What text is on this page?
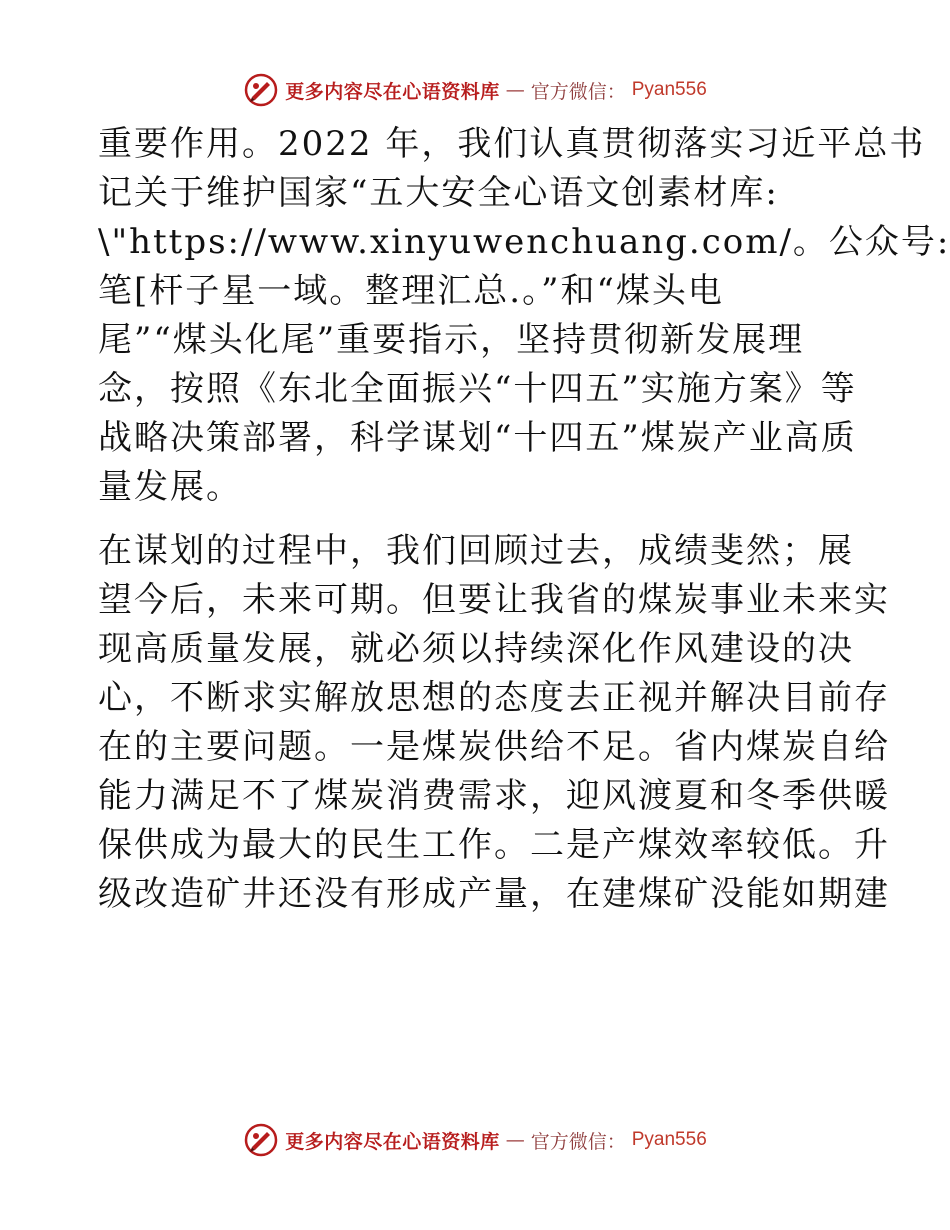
更多内容尽在心语资料库 — 官方微信： Pyan556

重要作用。2022 年，我们认真贯彻落实习近平总书
记关于维护国家“五大安全心语文创素材库:
\"https://www.xinyuwenchuang.com/。公众号:
笔[杆子星一域。整理汇总.。”和“煤头电
尾”“煤头化尾”重要指示，坚持贯彻新发展理
念，按照《东北全面振兴“十四五”实施方案》等
战略决策部署，科学谋划“十四五”煤炭产业高质
量发展。

在谋划的过程中，我们回顾过去，成绩斐然；展
望今后，未来可期。但要让我省的煤炭事业未来实
现高质量发展，就必须以持续深化作风建设的决
心，不断求实解放思想的态度去正视并解决目前存
在的主要问题。一是煤炭供给不足。省内煤炭自给
能力满足不了煤炭消费需求，迎风渡夏和冬季供暖
保供成为最大的民生工作。二是产煤效率较低。升
级改造矿井还没有形成产量，在建煤矿没能如期建

更多内容尽在心语资料库 — 官方微信： Pyan556
